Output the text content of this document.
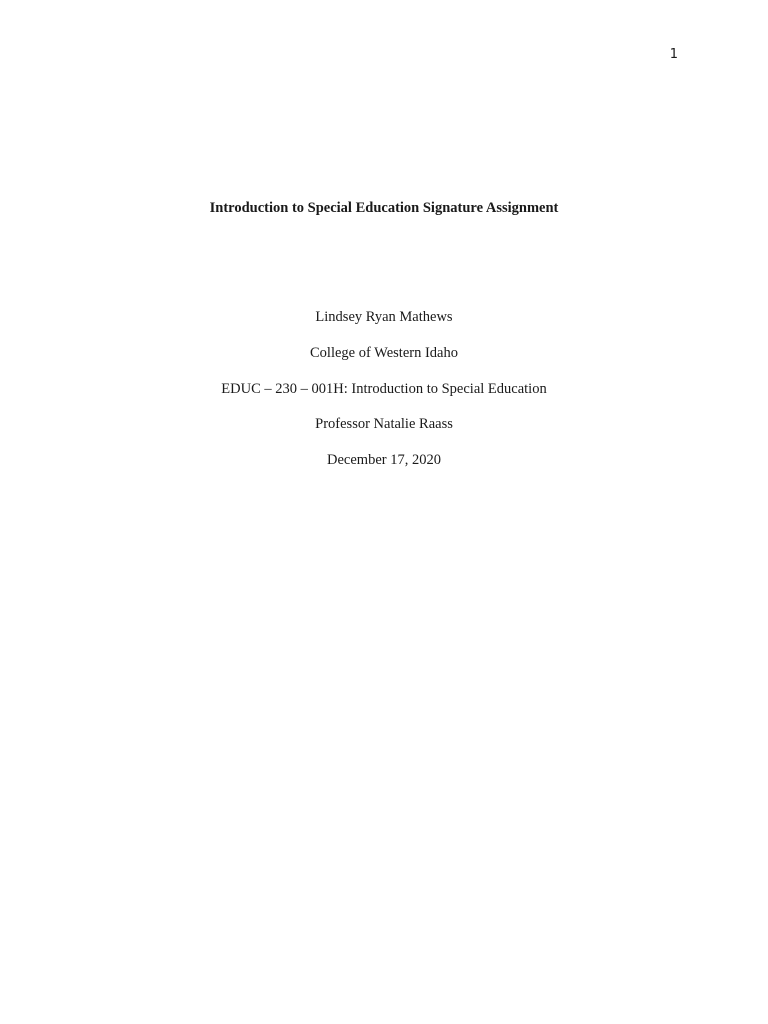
1
Introduction to Special Education Signature Assignment
Lindsey Ryan Mathews
College of Western Idaho
EDUC – 230 – 001H: Introduction to Special Education
Professor Natalie Raass
December 17, 2020
